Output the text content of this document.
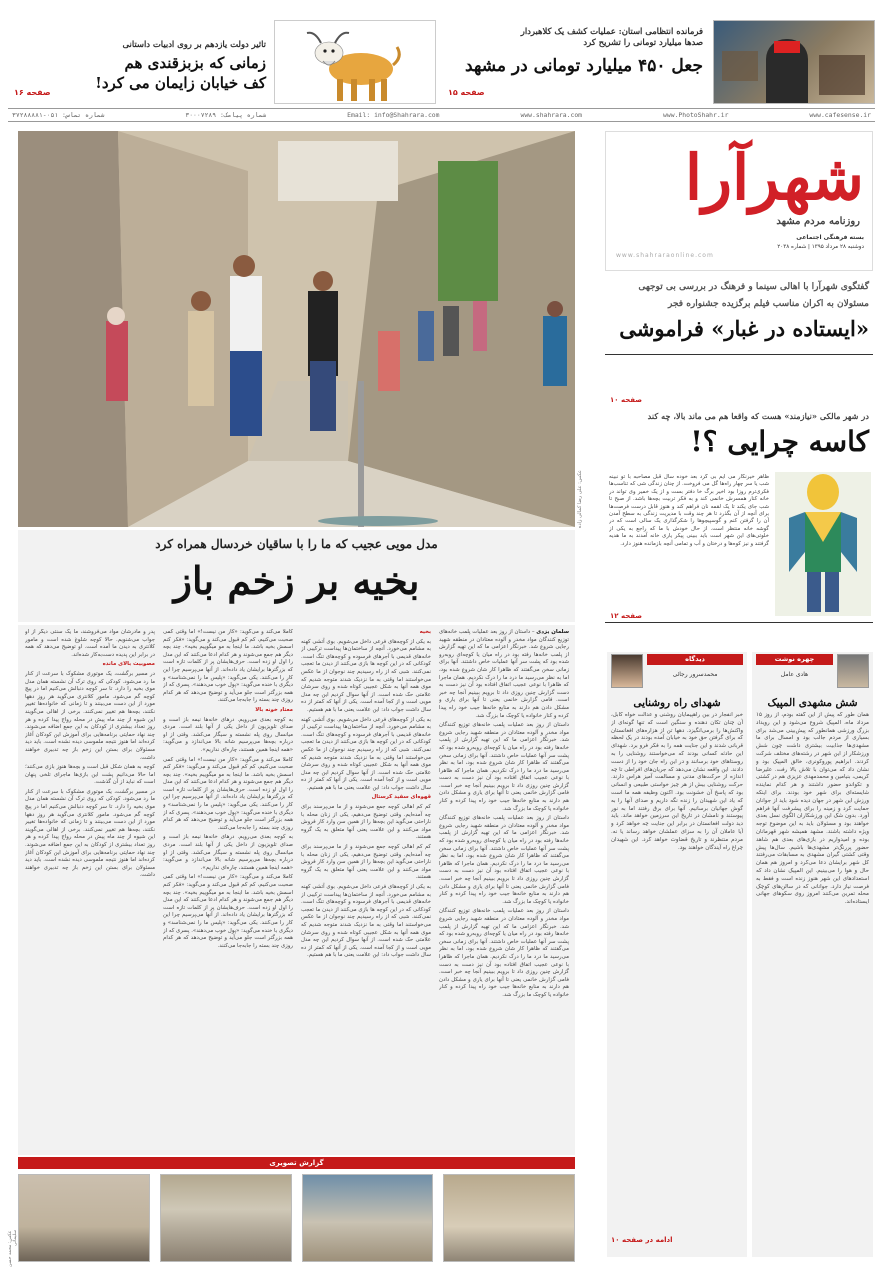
فرمانده انتظامی استان: عملیات کشف یک کلاهبردار
صدها میلیارد تومانی را تشریح کرد
جعل ۴۵۰ میلیارد تومانی در مشهد
صفحه ۱۵
تاثیر دولت یازدهم بر روی ادبیات داستانی
زمانی که بزبزقندی هم
کف خیابان زایمان می کرد!
صفحه ۱۶
شماره تماس: ۰۵۱-۳۷۲۸۸۸۸۱	شماره پیامک: ۳۰۰۰۷۲۸۹	Email: info@Shahrara.com	www.shahrara.com	www.PhotoShahr.ir	www.cafesense.ir
عکس: علی رضا کمالی زاده
مدل مویی عجیب که ما را با ساقیان خردسال همراه کرد
بخیه بر زخم باز

سلمان یزدی – داستان از روز بعد عملیات پلمب خانه‌های توزیع کنندگان مواد مخدر و آلوده معتادان در منطقه شهید رجایی شروع شد. خبرنگار اعزامی ما که این تهیه گزارش از پلمب خانه‌ها رفته بود در راه میان یا کوچه‌ای روبه‌رو شده بود که پشت سر آنها عملیات خاص داشتند. آنها برای زمانی سخن می‌گفتند که ظاهرا کار شان شروع شده بود، اما به نظر می‌رسید ما درد ما را درک نکردیم. همان ماجرا که ظاهرا با نوعی عجیب اتفاق افتاده بود آن نیز دست به دست گزارش چنین روزی داد تا برویم ببینیم آنجا چه خبر است. فامی گزارش خانمی یعنی تا آنها برای یاری و مشکل دادن هم دارند به منابع خانه‌ها جیب خود راه پیدا کرده و کنار خانواده یا کوچک ما بزرگ شد.

داستان از روز بعد عملیات پلمب خانه‌های توزیع کنندگان مواد مخدر و آلوده معتادان در منطقه شهید رجایی شروع شد. خبرنگار اعزامی ما که این تهیه گزارش از پلمب خانه‌ها رفته بود در راه میان یا کوچه‌ای روبه‌رو شده بود که پشت سر آنها عملیات خاص داشتند. آنها برای زمانی سخن می‌گفتند که ظاهرا کار شان شروع شده بود، اما به نظر می‌رسید ما درد ما را درک نکردیم. همان ماجرا که ظاهرا با نوعی عجیب اتفاق افتاده بود آن نیز دست به دست گزارش چنین روزی داد تا برویم ببینیم آنجا چه خبر است. فامی گزارش خانمی یعنی تا آنها برای یاری و مشکل دادن هم دارند به منابع خانه‌ها جیب خود راه پیدا کرده و کنار خانواده یا کوچک ما بزرگ شد.

داستان از روز بعد عملیات پلمب خانه‌های توزیع کنندگان مواد مخدر و آلوده معتادان در منطقه شهید رجایی شروع شد. خبرنگار اعزامی ما که این تهیه گزارش از پلمب خانه‌ها رفته بود در راه میان یا کوچه‌ای روبه‌رو شده بود که پشت سر آنها عملیات خاص داشتند. آنها برای زمانی سخن می‌گفتند که ظاهرا کار شان شروع شده بود، اما به نظر می‌رسید ما درد ما را درک نکردیم. همان ماجرا که ظاهرا با نوعی عجیب اتفاق افتاده بود آن نیز دست به دست گزارش چنین روزی داد تا برویم ببینیم آنجا چه خبر است. فامی گزارش خانمی یعنی تا آنها برای یاری و مشکل دادن هم دارند به منابع خانه‌ها جیب خود راه پیدا کرده و کنار خانواده یا کوچک ما بزرگ شد.

داستان از روز بعد عملیات پلمب خانه‌های توزیع کنندگان مواد مخدر و آلوده معتادان در منطقه شهید رجایی شروع شد. خبرنگار اعزامی ما که این تهیه گزارش از پلمب خانه‌ها رفته بود در راه میان یا کوچه‌ای روبه‌رو شده بود که پشت سر آنها عملیات خاص داشتند. آنها برای زمانی سخن می‌گفتند که ظاهرا کار شان شروع شده بود، اما به نظر می‌رسید ما درد ما را درک نکردیم. همان ماجرا که ظاهرا با نوعی عجیب اتفاق افتاده بود آن نیز دست به دست گزارش چنین روزی داد تا برویم ببینیم آنجا چه خبر است. فامی گزارش خانمی یعنی تا آنها برای یاری و مشکل دادن هم دارند به منابع خانه‌ها جیب خود راه پیدا کرده و کنار خانواده یا کوچک ما بزرگ شد.

بخیه

به یکی از کوچه‌های فرعی داخل می‌شویم. بوی آتشی کهنه به مشامم می‌خورد. آنچه از ساختمان‌ها پیداست ترکیبی از خانه‌های قدیمی با آجرهای فرسوده و کوچه‌های تنگ است. کودکانی که در این کوچه ها بازی می‌کنند از دیدن ما تعجب نمی‌کنند. شبی که از راه رسیدیم چند نوجوان از ما عکس می‌خواستند اما وقتی به ما نزدیک شدند متوجه شدیم که موی همه آنها به شکل عجیبی کوتاه شده و روی سرشان علامتی حک شده است. از آنها سوال کردیم این چه مدل مویی است و از کجا آمده است. یکی از آنها که کمتر از ده سال داشت جواب داد: این علامت یعنی ما با هم هستیم.

به یکی از کوچه‌های فرعی داخل می‌شویم. بوی آتشی کهنه به مشامم می‌خورد. آنچه از ساختمان‌ها پیداست ترکیبی از خانه‌های قدیمی با آجرهای فرسوده و کوچه‌های تنگ است. کودکانی که در این کوچه ها بازی می‌کنند از دیدن ما تعجب نمی‌کنند. شبی که از راه رسیدیم چند نوجوان از ما عکس می‌خواستند اما وقتی به ما نزدیک شدند متوجه شدیم که موی همه آنها به شکل عجیبی کوتاه شده و روی سرشان علامتی حک شده است. از آنها سوال کردیم این چه مدل مویی است و از کجا آمده است. یکی از آنها که کمتر از ده سال داشت جواب داد: این علامت یعنی ما با هم هستیم.

قهوه‌ای سفید کرستال

کم کم اهالی کوچه جمع می‌شوند و از ما می‌پرسند برای چه آمده‌ایم. وقتی توضیح می‌دهیم، یکی از زنان محله با ناراحتی می‌گوید این بچه‌ها را از همین سن وارد کار فروش مواد می‌کنند و این علامت یعنی آنها متعلق به یک گروه هستند.

کم کم اهالی کوچه جمع می‌شوند و از ما می‌پرسند برای چه آمده‌ایم. وقتی توضیح می‌دهیم، یکی از زنان محله با ناراحتی می‌گوید این بچه‌ها را از همین سن وارد کار فروش مواد می‌کنند و این علامت یعنی آنها متعلق به یک گروه هستند.

به یکی از کوچه‌های فرعی داخل می‌شویم. بوی آتشی کهنه به مشامم می‌خورد. آنچه از ساختمان‌ها پیداست ترکیبی از خانه‌های قدیمی با آجرهای فرسوده و کوچه‌های تنگ است. کودکانی که در این کوچه ها بازی می‌کنند از دیدن ما تعجب نمی‌کنند. شبی که از راه رسیدیم چند نوجوان از ما عکس می‌خواستند اما وقتی به ما نزدیک شدند متوجه شدیم که موی همه آنها به شکل عجیبی کوتاه شده و روی سرشان علامتی حک شده است. از آنها سوال کردیم این چه مدل مویی است و از کجا آمده است. یکی از آنها که کمتر از ده سال داشت جواب داد: این علامت یعنی ما با هم هستیم.

کاملا می‌کند و می‌گوید: «کار من نیست!» اما وقتی کمی صحبت می‌کنیم، کم کم قبول می‌کند و می‌گوید: «فکر کنم اسمش بخیه باشد. ما اینجا به مو میگوییم بخیه». چند بچه دیگر هم جمع می‌شوند و هر کدام ادعا می‌کنند که این مدل را اول او زده است. حرف‌هایشان پر از کلمات تازه است که بزرگترها برایشان یاد داده‌اند. از آنها می‌پرسیم چرا این کار را می‌کنند. یکی می‌گوید: «پلیس ما را نمی‌شناسد» و دیگری با خنده می‌گوید: «پول خوب می‌دهند». پسری که از همه بزرگتر است جلو می‌آید و توضیح می‌دهد که هر کدام روزی چند بسته را جابه‌جا می‌کنند.

معتاد خونه بالا

به کوچه بعدی می‌رویم. درهای خانه‌ها نیمه باز است و صدای تلویزیون از داخل یکی از آنها بلند است. مردی میانسال روی پله نشسته و سیگار می‌کشد. وقتی از او درباره بچه‌ها می‌پرسیم شانه بالا می‌اندازد و می‌گوید: «همه اینجا همین هستند، چاره‌ای نداریم».

کاملا می‌کند و می‌گوید: «کار من نیست!» اما وقتی کمی صحبت می‌کنیم، کم کم قبول می‌کند و می‌گوید: «فکر کنم اسمش بخیه باشد. ما اینجا به مو میگوییم بخیه». چند بچه دیگر هم جمع می‌شوند و هر کدام ادعا می‌کنند که این مدل را اول او زده است. حرف‌هایشان پر از کلمات تازه است که بزرگترها برایشان یاد داده‌اند. از آنها می‌پرسیم چرا این کار را می‌کنند. یکی می‌گوید: «پلیس ما را نمی‌شناسد» و دیگری با خنده می‌گوید: «پول خوب می‌دهند». پسری که از همه بزرگتر است جلو می‌آید و توضیح می‌دهد که هر کدام روزی چند بسته را جابه‌جا می‌کنند.

به کوچه بعدی می‌رویم. درهای خانه‌ها نیمه باز است و صدای تلویزیون از داخل یکی از آنها بلند است. مردی میانسال روی پله نشسته و سیگار می‌کشد. وقتی از او درباره بچه‌ها می‌پرسیم شانه بالا می‌اندازد و می‌گوید: «همه اینجا همین هستند، چاره‌ای نداریم».

کاملا می‌کند و می‌گوید: «کار من نیست!» اما وقتی کمی صحبت می‌کنیم، کم کم قبول می‌کند و می‌گوید: «فکر کنم اسمش بخیه باشد. ما اینجا به مو میگوییم بخیه». چند بچه دیگر هم جمع می‌شوند و هر کدام ادعا می‌کنند که این مدل را اول او زده است. حرف‌هایشان پر از کلمات تازه است که بزرگترها برایشان یاد داده‌اند. از آنها می‌پرسیم چرا این کار را می‌کنند. یکی می‌گوید: «پلیس ما را نمی‌شناسد» و دیگری با خنده می‌گوید: «پول خوب می‌دهند». پسری که از همه بزرگتر است جلو می‌آید و توضیح می‌دهد که هر کدام روزی چند بسته را جابه‌جا می‌کنند.

پدر و مادرشان مواد می‌فروشند، ما یک سنتی دیگر از او جواب می‌شنویم. حالا کوچه شلوغ شده است و مامور کلانتری به دیدن ما آمده است. او توضیح می‌دهد که همه در برابر این پدیده دست‌به‌کار شده‌اند.

مصوبیت بالای مانده

در مسیر برگشت، یک موتوری مشکوک با سرعت از کنار ما رد می‌شود. کودکی که روی ترک آن نشسته همان مدل موی بخیه را دارد. تا سر کوچه دنبالش می‌کنیم اما در پیچ کوچه گم می‌شود. مامور کلانتری می‌گوید هر روز دهها مورد از این دست می‌بینند و تا زمانی که خانواده‌ها تغییر نکنند، بچه‌ها هم تغییر نمی‌کنند. برخی از اهالی می‌گویند این شیوه از چند ماه پیش در محله رواج پیدا کرده و هر روز تعداد بیشتری از کودکان به این جمع اضافه می‌شوند. چند نهاد حمایتی برنامه‌هایی برای آموزش این کودکان آغاز کرده‌اند اما هنوز نتیجه ملموسی دیده نشده است. باید دید مسئولان برای بستن این زخم باز چه تدبیری خواهند داشت.

کوچه به همان شکل قبل است و بچه‌ها هنوز بازی می‌کنند؛ اما حالا می‌دانیم پشت این بازی‌ها ماجرای تلخی پنهان است که نباید از آن گذشت.

در مسیر برگشت، یک موتوری مشکوک با سرعت از کنار ما رد می‌شود. کودکی که روی ترک آن نشسته همان مدل موی بخیه را دارد. تا سر کوچه دنبالش می‌کنیم اما در پیچ کوچه گم می‌شود. مامور کلانتری می‌گوید هر روز دهها مورد از این دست می‌بینند و تا زمانی که خانواده‌ها تغییر نکنند، بچه‌ها هم تغییر نمی‌کنند. برخی از اهالی می‌گویند این شیوه از چند ماه پیش در محله رواج پیدا کرده و هر روز تعداد بیشتری از کودکان به این جمع اضافه می‌شوند. چند نهاد حمایتی برنامه‌هایی برای آموزش این کودکان آغاز کرده‌اند اما هنوز نتیجه ملموسی دیده نشده است. باید دید مسئولان برای بستن این زخم باز چه تدبیری خواهند داشت.

گزارش تصویری
عکس: محمد حسن سلیمانی
شهرآرا
روزنامه مردم مشهد
بسته فرهنگی اجتماعی
دوشنبه ۲۸ مرداد ۱۳۹۵ | شماره ۲۰۳۸
www.shahraraonline.com
گفتگوی شهرآرا با اهالی سینما و فرهنگ در بررسی بی توجهی
مسئولان به اکران مناسب فیلم برگزیده جشنواره فجر
«ایستاده در غبار» فراموشی
صفحه ۱۰
در شهر مالکی «نیازمند» هست که واقعا هم می ماند بالا، چه کند
کاسه چرایی ؟!
ظاهر خیرنگار می آیم بی گرد بعد خوده سال قبل مصاحبه با تو نبینه شب یا سر چهار راه‌ها گل می فروخت. از چنان زندگی شی که تناسب‌ها فکری‌ترم روزا بود اخیر برگ خا دفتر بست و از یک خمیر وی تواند در خانه کنار همسرش خانمی کند و به فکر تربیت بچه‌ها باشد. از صبح تا شب جای یکند تا یک لقمه نان فراهم کند و هنوز قابل درست فرصت‌ها برای آنچه از آن بگذرد تا هر چند وقت با مدیریت زندگی به سطح آمدن آن را گرفتن کنم و گوسپیچوها را شکرگذاری یک سالی است که در گوشه خانه منتظر است. از حال خودش با ما که راجع به یکی از خلوتی‌های این شهر است باید ببینی پیکر یاری خانه آمدند به ما هدیه گرفتند و نیز کوه‌ها و درختان و آب و تمامی آنچه بازمانده هنوز دارد.
صفحه ۱۲
چهره نوشت
هادی عامل
شش مشهدی المپیک
همان طور که پیش از این گفته بودم، از روز ۱۵ مرداد ماه، المپیک شروع می‌شود و این رویداد بزرگ ورزشی همانطور که پیش‌بینی می‌شد برای بسیاری از مردم جالب بود و امسال برای ما مشهدی‌ها جذابیت بیشتری داشت چون شش ورزشکار از این شهر در رشته‌های مختلف شرکت کردند. ابراهیم پوروکونری، خالق المپیک بود و نشان داد که می‌توان با تلاش بالا رفت. علیرضا کریمی، بنیامین و محمدمهدی عزیزی هم در کشتی و تکواندو حضور داشتند و هر کدام نماینده شایسته‌ای برای شهر خود بودند. برای اینکه ورزش این شهر در جهان دیده شود باید از جوانان حمایت کرد و زمینه را برای پیشرفت آنها فراهم آورد. بدون شک این ورزشکاران الگوی نسل بعدی خواهند بود و مسئولان باید به این موضوع توجه ویژه داشته باشند. مشهد همیشه شهر قهرمانان بوده و امیدواریم در بازی‌های بعدی هم شاهد حضور پررنگ‌تر مشهدی‌ها باشیم. سال‌ها پیش وقتی کشتی گیران مشهدی به مسابقات می‌رفتند کل شهر برایشان دعا می‌کرد و امروز هم همان حال و هوا را می‌بینیم. این المپیک نشان داد که استعدادهای این شهر هنوز زنده است و فقط به فرصت نیاز دارد. جوانانی که در سالن‌های کوچک محله تمرین می‌کنند امروز روی سکوهای جهانی ایستاده‌اند.
دیدگاه
محمدسرور رجائی
شهدای راه روشنایی
خبر انفجار در بین راهپیمایان روشنی و عدالت خواه کابل، آن چنان تکان دهنده و سنگین است که تنها گونه‌ای از واکنش‌ها را برمی‌انگیزد. دهها تن از هزاره‌های افغانستان که برای گرفتن حق خود به خیابان آمده بودند در یک لحظه قربانی شدند و این جنایت همه را به فکر فرو برد. شهدای این حادثه کسانی بودند که می‌خواستند روشنایی را به روستاهای خود برسانند و در این راه جان خود را از دست دادند. این واقعه نشان می‌دهد که جریان‌های افراطی تا چه اندازه از حرکت‌های مدنی و مسالمت آمیز هراس دارند. حرکت روشنایی بیش از هر چیز خواستی طبیعی و انسانی بود که پاسخ آن خشونت بود. اکنون وظیفه همه ما است که یاد این شهیدان را زنده نگه داریم و صدای آنها را به گوش جهانیان برسانیم. آنها برای برق رفتند اما به نور پیوستند و نامشان در تاریخ این سرزمین خواهد ماند. باید دید دولت افغانستان در برابر این جنایت چه خواهد کرد و آیا عاملان آن را به سزای عملشان خواهد رساند یا نه. مردم منتظرند و تاریخ قضاوت خواهد کرد. این شهیدان چراغ راه آیندگان خواهند بود.
ادامه در صفحه ۱۰
